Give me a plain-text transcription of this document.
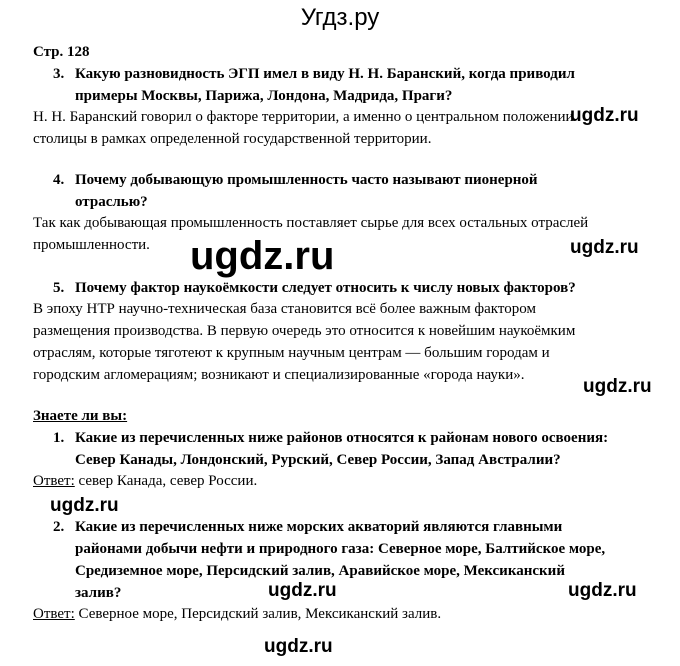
Угдз.ру
Стр. 128
3. Какую разновидность ЭГП имел в виду Н. Н. Баранский, когда приводил
примеры Москвы, Парижа, Лондона, Мадрида, Праги?
ugdz.ru
Н. Н. Баранский говорил о факторе территории, а именно о центральном положении
столицы в рамках определенной государственной территории.
4. Почему добывающую промышленность часто называют пионерной
отраслью?
Так как добывающая промышленность поставляет сырье для всех остальных отраслей
промышленности. ugdz.ru	ugdz.ru
5. Почему фактор наукоёмкости следует относить к числу новых факторов?
В эпоху НТР научно-техническая база становится всё более важным фактором
размещения производства. В первую очередь это относится к новейшим наукоёмким
отраслям, которые тяготеют к крупным научным центрам — большим городам и
городским агломерациям; возникают и специализированные «города науки».
ugdz.ru
Знаете ли вы:
1. Какие из перечисленных ниже районов относятся к районам нового освоения:
Север Канады, Лондонский, Рурский, Север России, Запад Австралии?
Ответ: север Канада, север России.
ugdz.ru
2. Какие из перечисленных ниже морских акваторий являются главными
районами добычи нефти и природного газа: Северное море, Балтийское море,
Средиземное море, Персидский залив, Аравийское море, Мексиканский
залив?	ugdz.ru	ugdz.ru
Ответ: Северное море, Персидский залив, Мексиканский залив.
ugdz.ru
